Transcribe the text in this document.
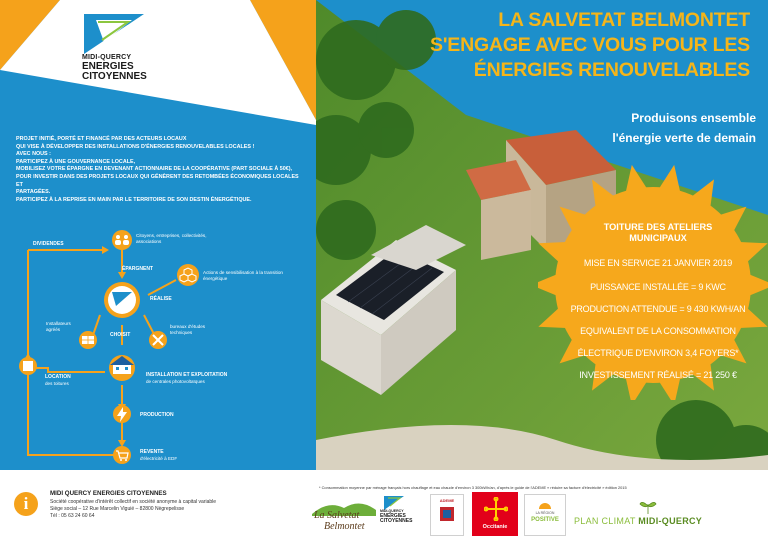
MIDI-QUERCY
ENERGIES
CITOYENNES

PROJET INITIÉ, PORTÉ ET FINANCÉ PAR DES ACTEURS LOCAUX

QUI VISE À DÉVELOPPER DES INSTALLATIONS D'ÉNERGIES RENOUVELABLES LOCALES !

AVEC NOUS :

PARTICIPEZ À UNE GOUVERNANCE LOCALE,

MOBILISEZ VOTRE ÉPARGNE EN DEVENANT ACTIONNAIRE DE LA COOPÉRATIVE (PART SOCIALE À 50€),

POUR INVESTIR DANS DES PROJETS LOCAUX QUI GÉNÈRENT DES RETOMBÉES ÉCONOMIQUES LOCALES ET

PARTAGÉES.

PARTICIPEZ À LA REPRISE EN MAIN PAR LE TERRITOIRE DE SON DESTIN ÉNERGÉTIQUE.

DIVIDENDES
Citoyens, entreprises, collectivités, associations
ÉPARGNENT
Actions de sensibilisation à la transition énergétique
RÉALISE
Installateurs agréés
bureaux d'études techniques
CHOISIT
LOCATION
des toitures
INSTALLATION ET EXPLOITATION
de centrales photovoltaïques
PRODUCTION
REVENTE
d'électricité à EDF
LA SALVETAT BELMONTET
S'ENGAGE AVEC VOUS POUR LES
ÉNERGIES RENOUVELABLES
Produisons ensemble
l'énergie verte de demain
TOITURE DES ATELIERS
MUNICIPAUX
MISE EN SERVICE 21 JANVIER 2019
PUISSANCE INSTALLÉE = 9 KWC
PRODUCTION ATTENDUE = 9 430 KWH/AN
EQUIVALENT DE LA CONSOMMATION
ÉLECTRIQUE D'ENVIRON 3,4 FOYERS*
INVESTISSEMENT RÉALISÉ = 21 250 €
i
MIDI QUERCY ENERGIES CITOYENNES
Société coopérative d'intérêt collectif en société anonyme à capital variable
Siège social – 12 Rue Marcelin Viguié – 82800 Nègrepelisse
Tél : 05 63 24 60 64
* Consommation moyenne par ménage français hors chauffage et eau chaude d'environ 3 300kWh/an, d'après le guide de l'ADEME « réduire sa facture d'électricité » édition 2015
La Salvetat
Belmontet
MIDI-QUERCY
ENERGIES
CITOYENNES
ADEME
Occitanie
LA RÉGION
POSITIVE	PLAN CLIMAT MIDI-QUERCY
